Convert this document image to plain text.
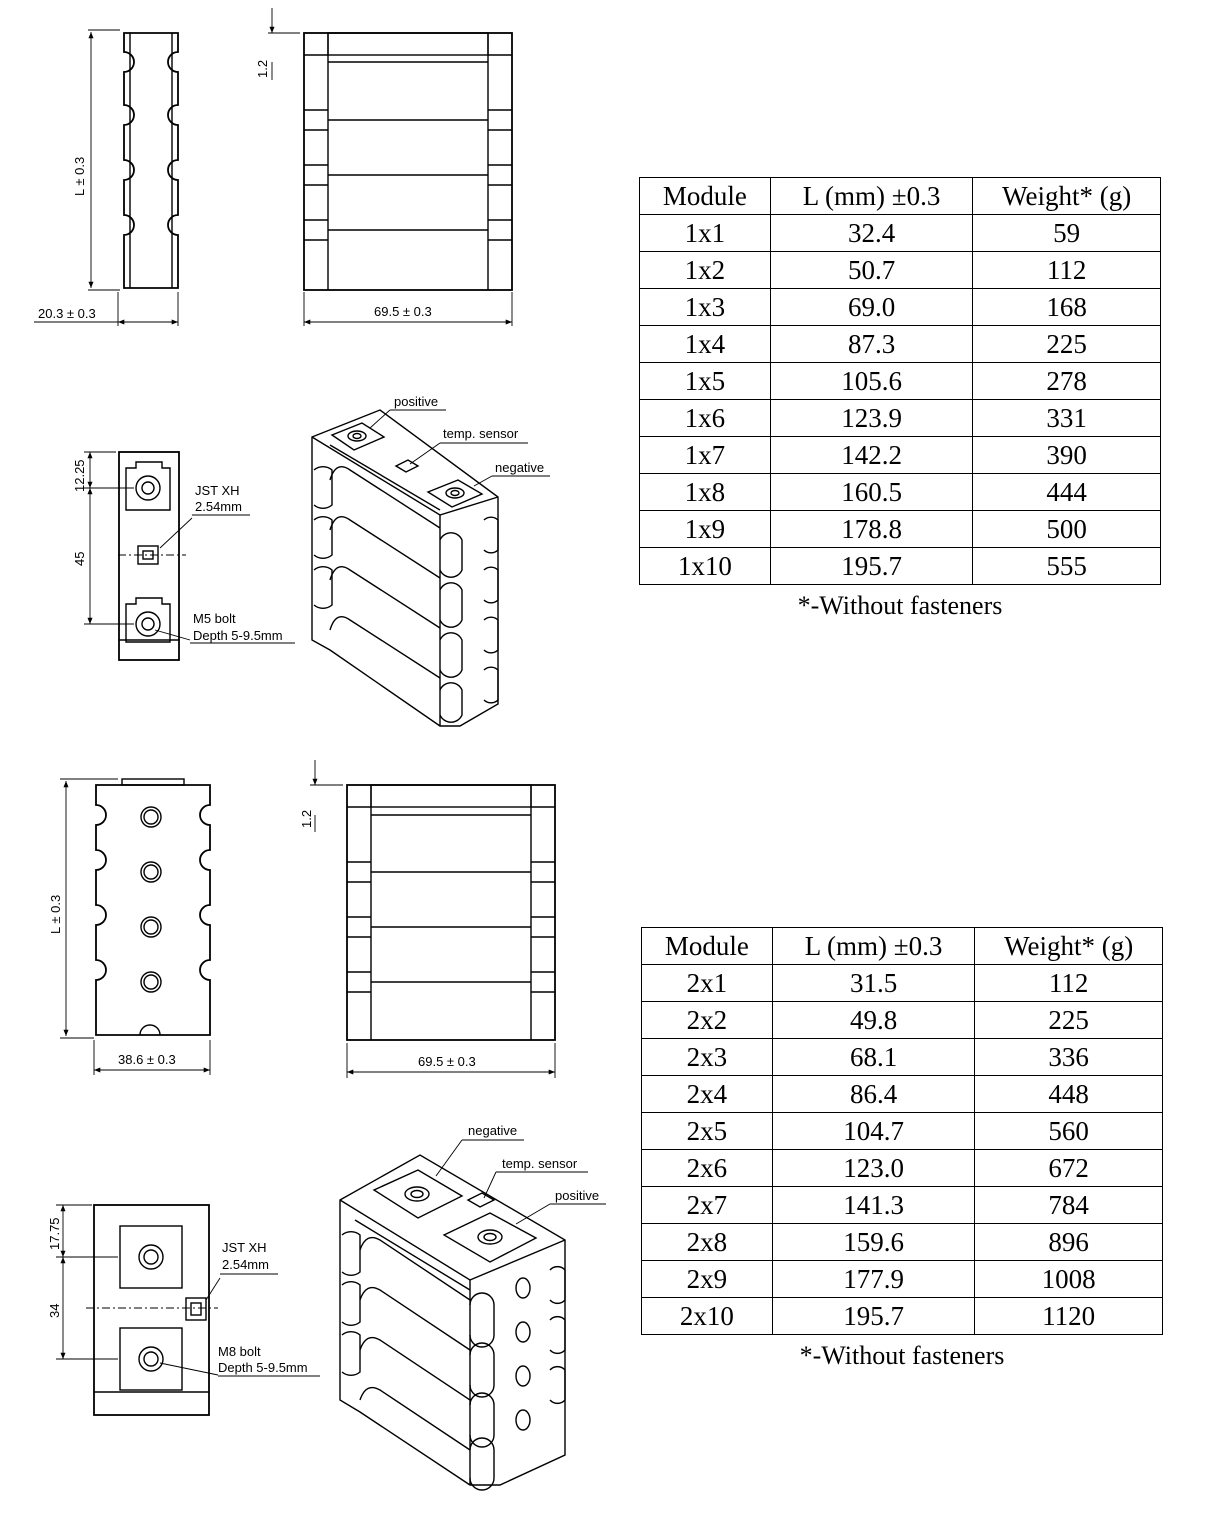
L ± 0.3
20.3 ± 0.3
1.2
69.5 ± 0.3
JST XH
2.54mm
M5 bolt
Depth 5-9.5mm
12.25
45
positive
temp. sensor
negative
L ± 0.3
38.6 ± 0.3
1.2
69.5 ± 0.3
JST XH
2.54mm
M8 bolt
Depth 5-9.5mm
17.75
34
negative
temp. sensor
positive
Module	L (mm) ±0.3	Weight* (g)
1x1	32.4	59
1x2	50.7	112
1x3	69.0	168
1x4	87.3	225
1x5	105.6	278
1x6	123.9	331
1x7	142.2	390
1x8	160.5	444
1x9	178.8	500
1x10	195.7	555
*-Without fasteners
Module	L (mm) ±0.3	Weight* (g)
2x1	31.5	112
2x2	49.8	225
2x3	68.1	336
2x4	86.4	448
2x5	104.7	560
2x6	123.0	672
2x7	141.3	784
2x8	159.6	896
2x9	177.9	1008
2x10	195.7	1120
*-Without fasteners
